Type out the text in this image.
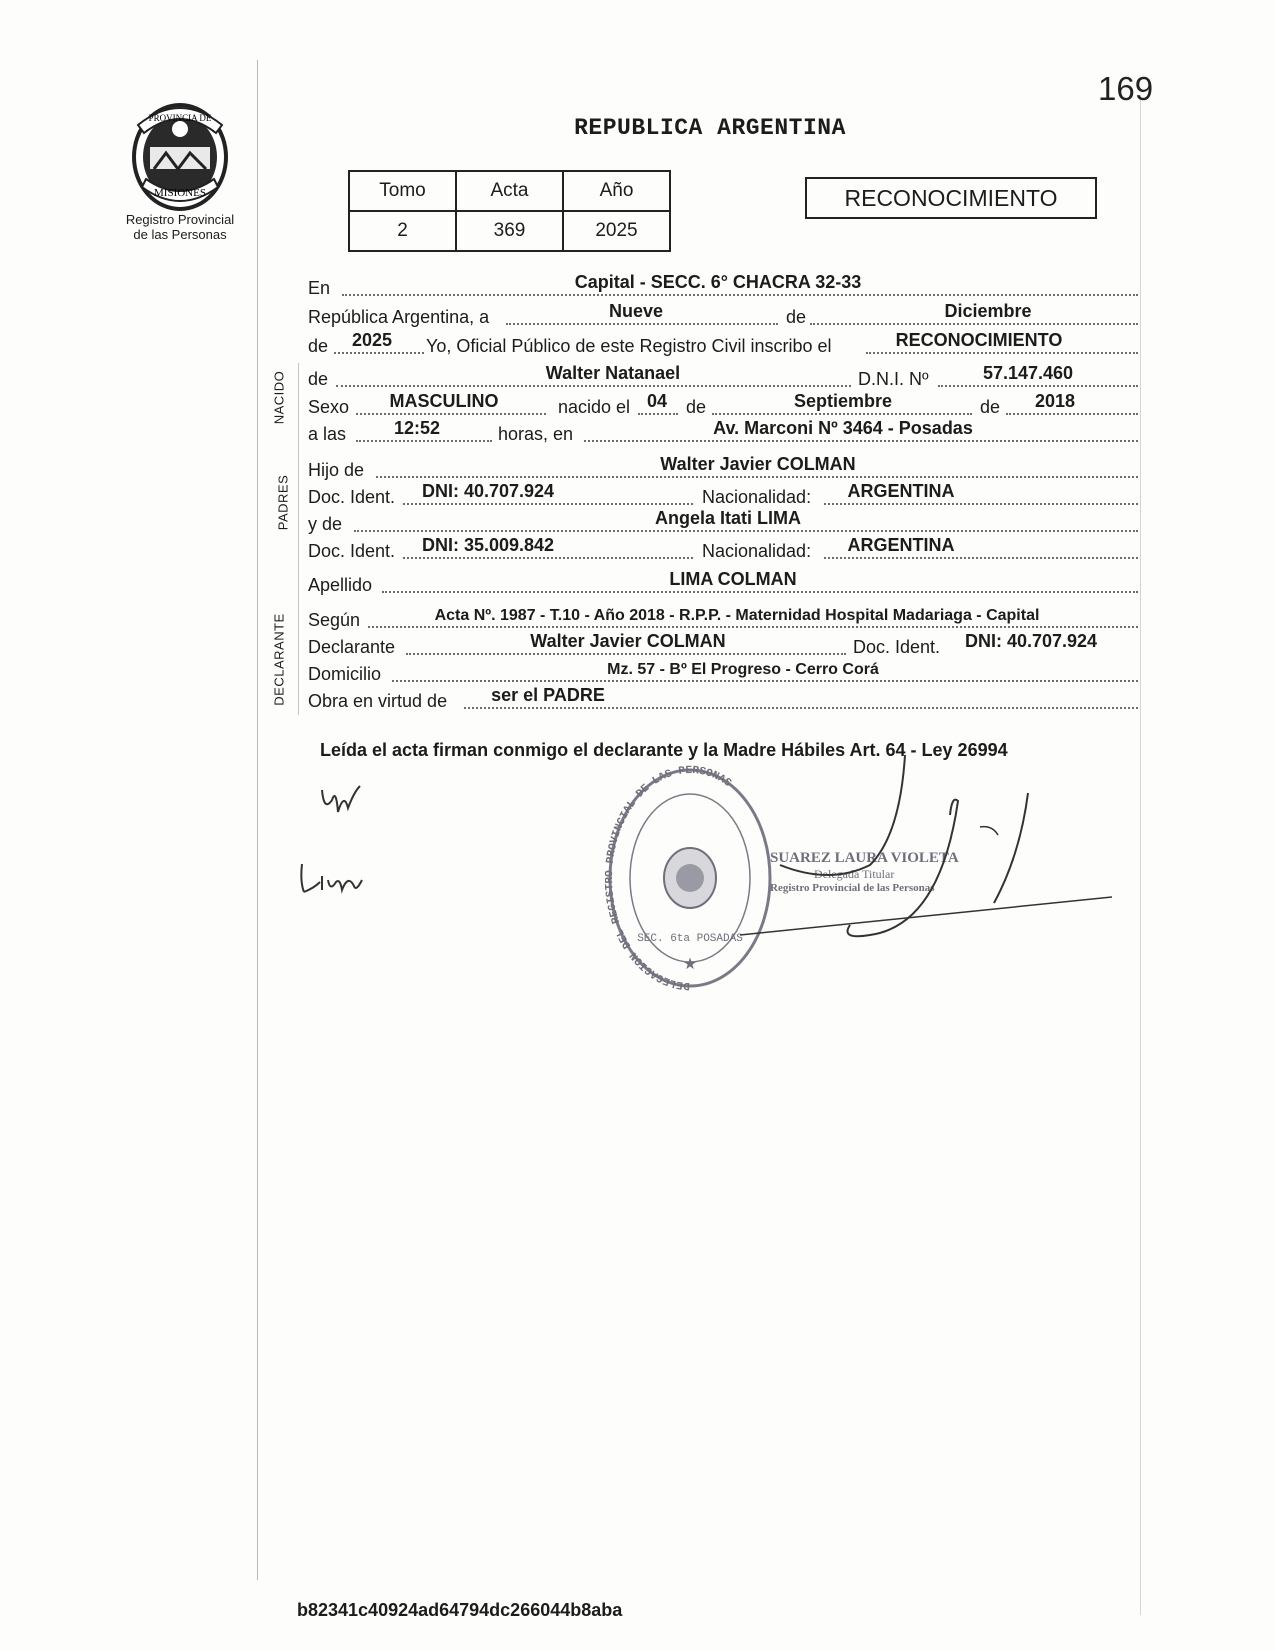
169
REPUBLICA ARGENTINA
PROVINCIA DE
MISIONES
Registro Provincial
de las Personas
Tomo	Acta	Año
2	369	2025
RECONOCIMIENTO
En	Capital - SECC. 6° CHACRA 32-33
República Argentina, a	Nueve	de	Diciembre
de	2025	Yo, Oficial Público de este Registro Civil inscribo el	RECONOCIMIENTO
NACIDO de	Walter Natanael	D.N.I. Nº	57.147.460
Sexo	MASCULINO	nacido el 04	de	Septiembre	de	2018
a las	12:52	horas, en	Av. Marconi Nº 3464 - Posadas
PADRES
Hijo de	Walter Javier COLMAN
Doc. Ident.	DNI: 40.707.924	Nacionalidad:	ARGENTINA
y de	Angela Itati LIMA
Doc. Ident.	DNI: 35.009.842	Nacionalidad:	ARGENTINA
Apellido	LIMA COLMAN
DECLARANTE Según	Acta Nº. 1987 - T.10 - Año 2018 - R.P.P. - Maternidad Hospital Madariaga - Capital
Declarante	Walter Javier COLMAN	Doc. Ident.	DNI: 40.707.924
Domicilio	Mz. 57 - Bº El Progreso - Cerro Corá
Obra en virtud de	ser el PADRE
Leída el acta firman conmigo el declarante y la Madre Hábiles Art. 64 - Ley 26994
DELEGACION DEL REGISTRO PROVINCIAL DE LAS PERSONAS
SEC. 6ta POSADAS
★
SUAREZ LAURA VIOLETA
Delegada Titular
Registro Provincial de las Personas
b82341c40924ad64794dc266044b8aba
